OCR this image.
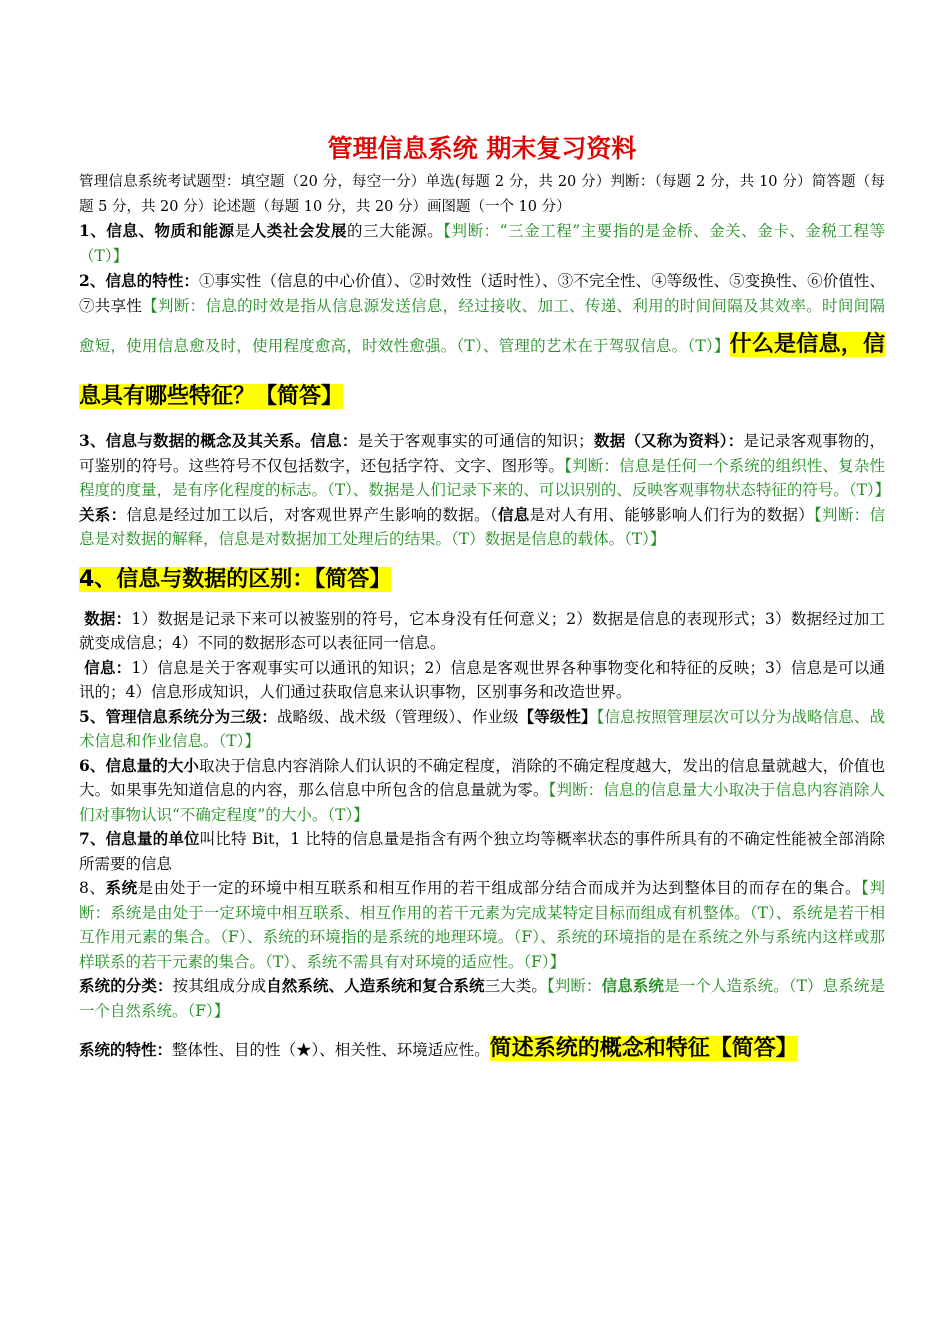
管理信息系统 期末复习资料

管理信息系统考试题型：填空题（20 分，每空一分）单选(每题 2 分，共 20 分）判断：（每题 2 分，共 10 分）简答题（每题 5 分，共 20 分）论述题（每题 10 分，共 20 分）画图题（一个 10 分）

1、信息、物质和能源是人类社会发展的三大能源。【判断：“三金工程”主要指的是金桥、金关、金卡、金税工程等（T）】

2、信息的特性：①事实性（信息的中心价值）、②时效性（适时性）、③不完全性、④等级性、⑤变换性、⑥价值性、⑦共享性【判断：信息的时效是指从信息源发送信息，经过接收、加工、传递、利用的时间间隔及其效率。时间间隔愈短，使用信息愈及时，使用程度愈高，时效性愈强。（T）、管理的艺术在于驾驭信息。（T）】什么是信息，信息具有哪些特征？【简答】

3、信息与数据的概念及其关系。信息：是关于客观事实的可通信的知识；数据（又称为资料）：是记录客观事物的，可鉴别的符号。这些符号不仅包括数字，还包括字符、文字、图形等。【判断：信息是任何一个系统的组织性、复杂性程度的度量，是有序化程度的标志。（T）、数据是人们记录下来的、可以识别的、反映客观事物状态特征的符号。（T）】关系：信息是经过加工以后，对客观世界产生影响的数据。（信息是对人有用、能够影响人们行为的数据）【判断：信息是对数据的解释，信息是对数据加工处理后的结果。（T）数据是信息的载体。（T）】

4、信息与数据的区别：【简答】

数据：1）数据是记录下来可以被鉴别的符号，它本身没有任何意义；2）数据是信息的表现形式；3）数据经过加工就变成信息；4）不同的数据形态可以表征同一信息。

信息：1）信息是关于客观事实可以通讯的知识；2）信息是客观世界各种事物变化和特征的反映；3）信息是可以通讯的；4）信息形成知识，人们通过获取信息来认识事物，区别事务和改造世界。

5、管理信息系统分为三级：战略级、战术级（管理级）、作业级【等级性】【信息按照管理层次可以分为战略信息、战术信息和作业信息。（T）】

6、信息量的大小取决于信息内容消除人们认识的不确定程度，消除的不确定程度越大，发出的信息量就越大，价值也大。如果事先知道信息的内容，那么信息中所包含的信息量就为零。【判断：信息的信息量大小取决于信息内容消除人们对事物认识“不确定程度”的大小。（T）】

7、信息量的单位叫比特 Bit，1 比特的信息量是指含有两个独立均等概率状态的事件所具有的不确定性能被全部消除所需要的信息

8、系统是由处于一定的环境中相互联系和相互作用的若干组成部分结合而成并为达到整体目的而存在的集合。【判断：系统是由处于一定环境中相互联系、相互作用的若干元素为完成某特定目标而组成有机整体。（T）、系统是若干相互作用元素的集合。（F）、系统的环境指的是系统的地理环境。（F）、系统的环境指的是在系统之外与系统内这样或那样联系的若干元素的集合。（T）、系统不需具有对环境的适应性。（F）】

系统的分类：按其组成分成自然系统、人造系统和复合系统三大类。【判断：信息系统是一个人造系统。（T）息系统是一个自然系统。（F）】

系统的特性：整体性、目的性（★）、相关性、环境适应性。简述系统的概念和特征【简答】
